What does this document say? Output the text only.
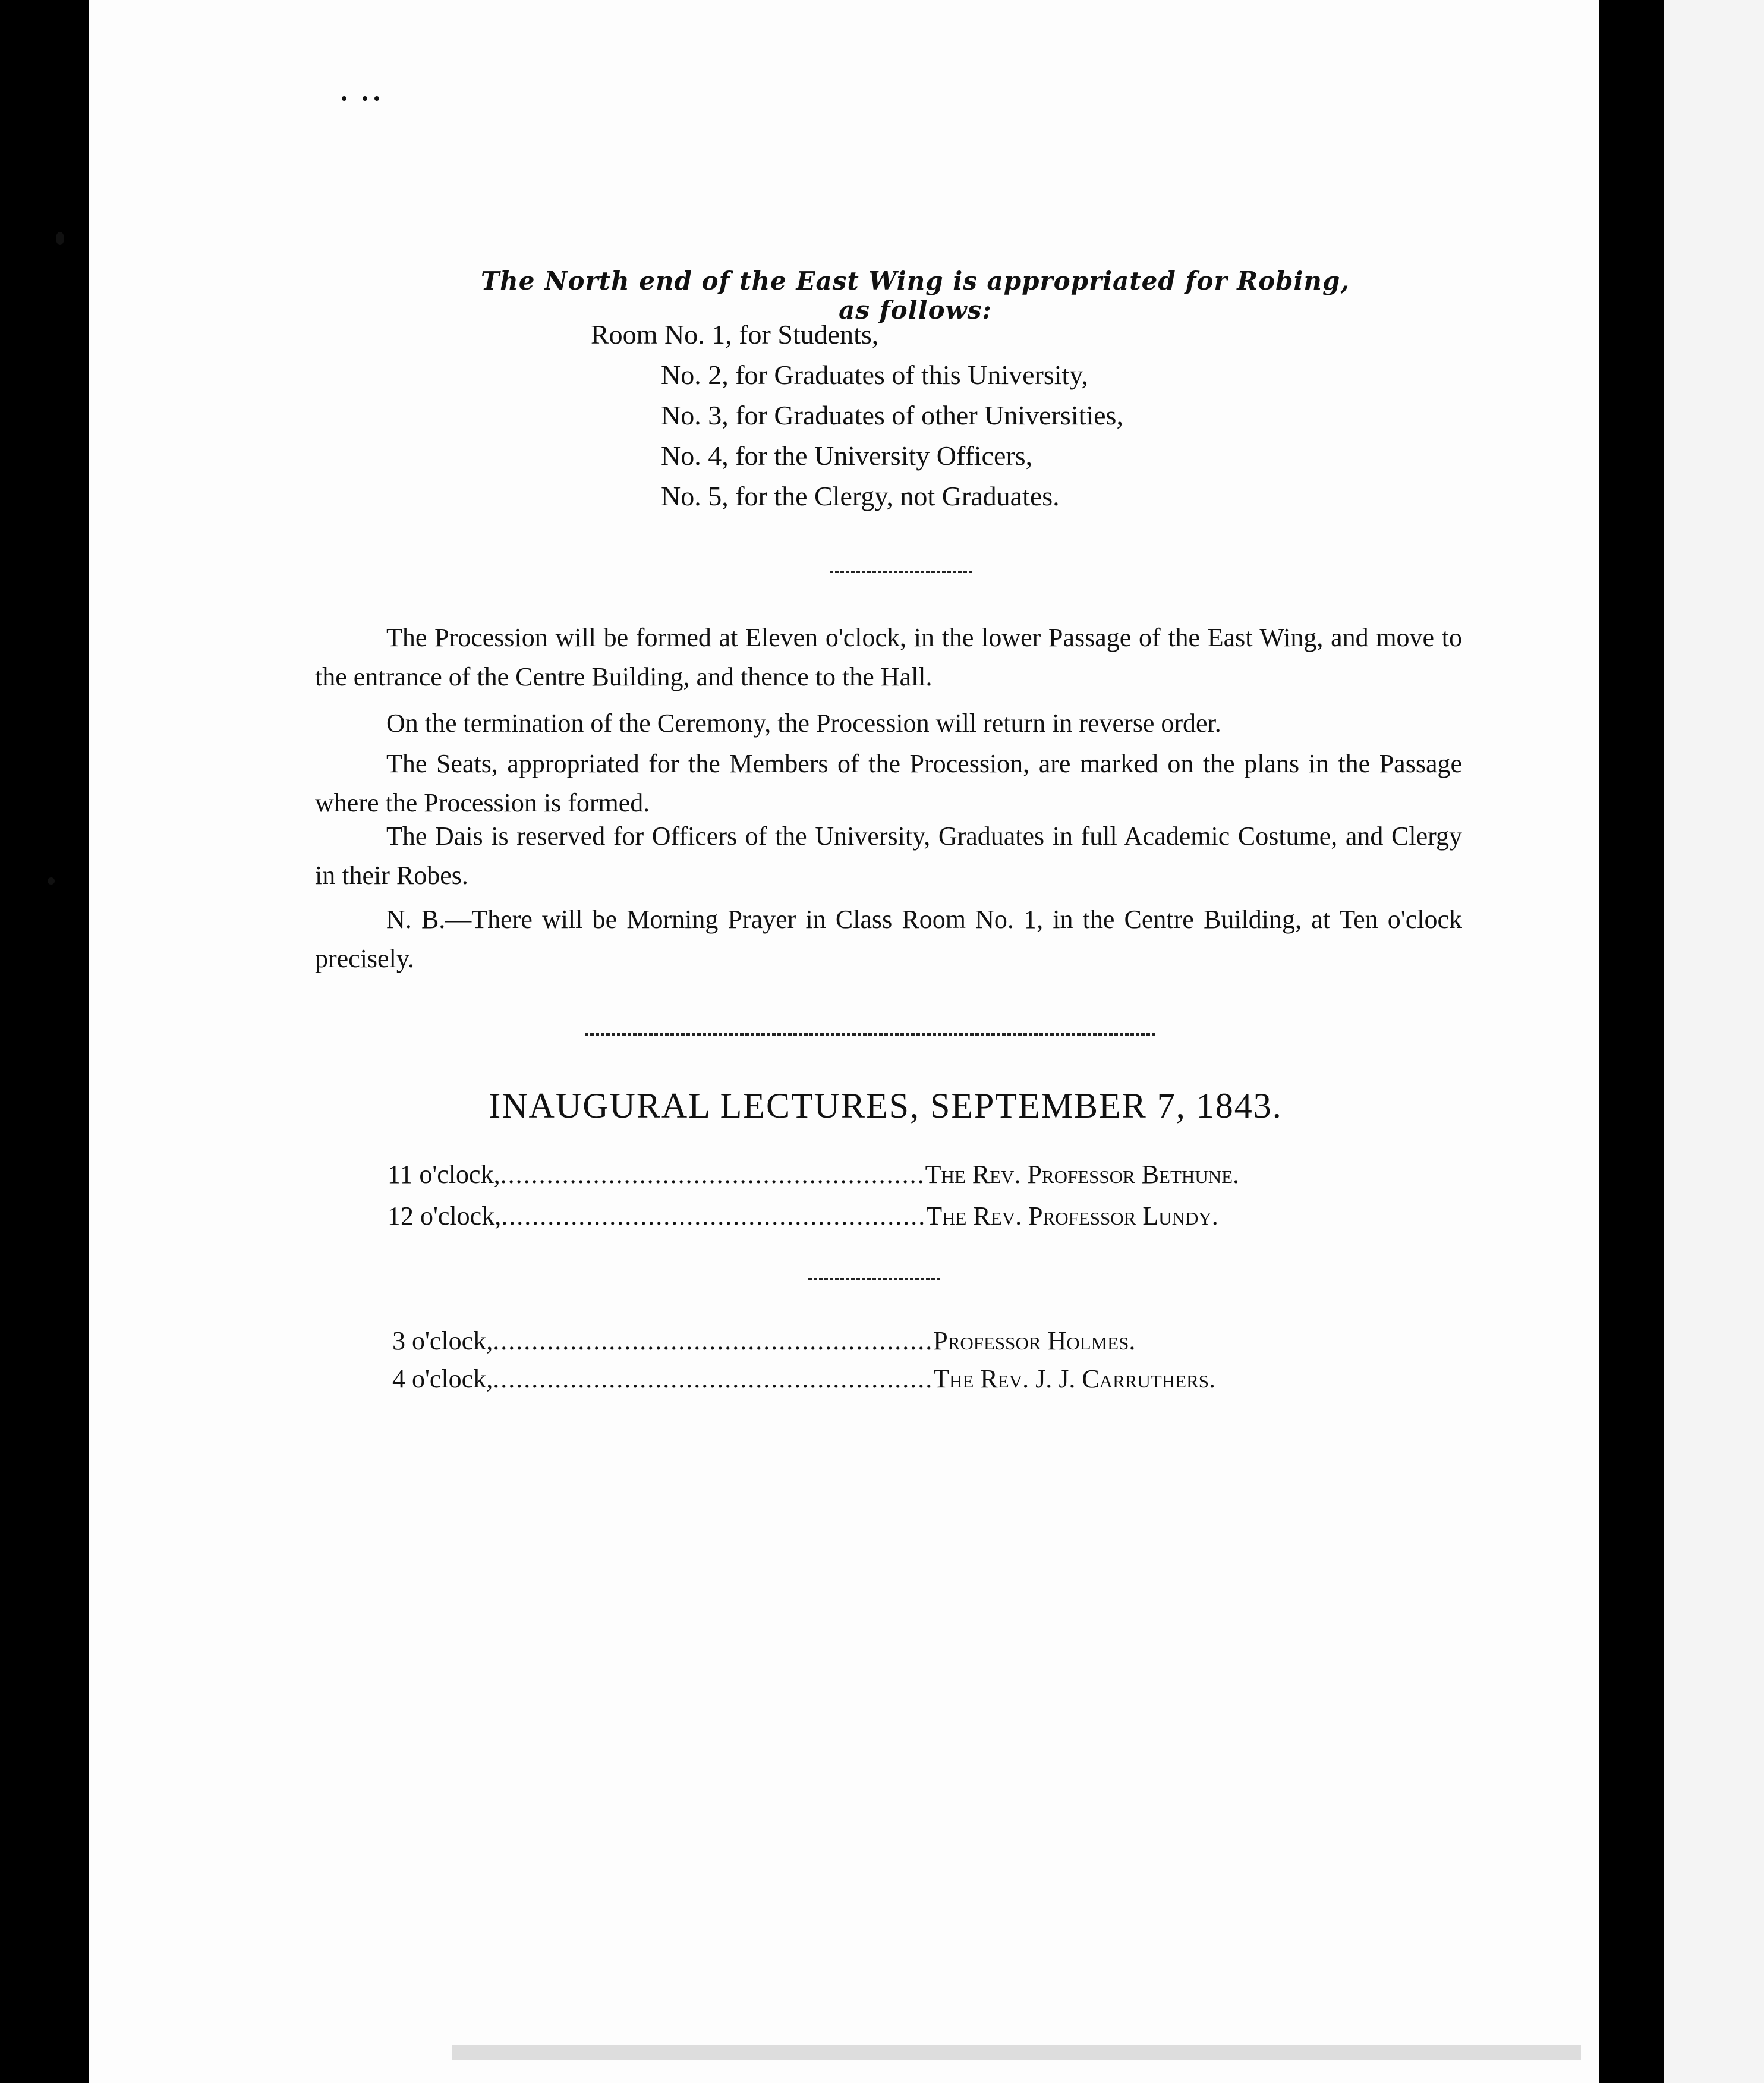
The North end of the East Wing is appropriated for Robing, as follows:
Room No. 1, for Students,
No. 2, for Graduates of this University,
No. 3, for Graduates of other Universities,
No. 4, for the University Officers,
No. 5, for the Clergy, not Graduates.
The Procession will be formed at Eleven o'clock, in the lower Passage of the East Wing, and move to the entrance of the Centre Building, and thence to the Hall.
On the termination of the Ceremony, the Procession will return in reverse order.
The Seats, appropriated for the Members of the Procession, are marked on the plans in the Passage where the Procession is formed.
The Dais is reserved for Officers of the University, Graduates in full Academic Costume, and Clergy in their Robes.
N. B.—There will be Morning Prayer in Class Room No. 1, in the Centre Building, at Ten o'clock precisely.
INAUGURAL LECTURES, SEPTEMBER 7, 1843.
11 o'clock,.......................................................The Rev. Professor Bethune.
12 o'clock,.......................................................The Rev. Professor Lundy.
3 o'clock,.........................................................Professor Holmes.
4 o'clock,.........................................................The Rev. J. J. Carruthers.
